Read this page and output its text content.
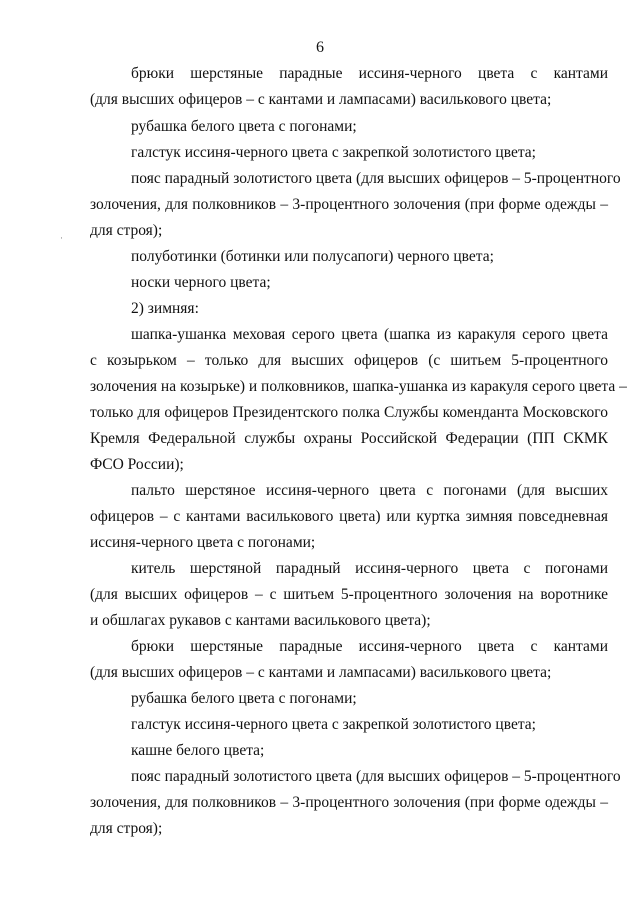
6
·
брюки шерстяные парадные иссиня-черного цвета с кантами
(для высших офицеров – с кантами и лампасами) василькового цвета;
рубашка белого цвета с погонами;
галстук иссиня-черного цвета с закрепкой золотистого цвета;
пояс парадный золотистого цвета (для высших офицеров – 5-процентного
золочения, для полковников – 3-процентного золочения (при форме одежды –
для строя);
полуботинки (ботинки или полусапоги) черного цвета;
носки черного цвета;
2) зимняя:
шапка-ушанка меховая серого цвета (шапка из каракуля серого цвета
с козырьком – только для высших офицеров (с шитьем 5-процентного
золочения на козырьке) и полковников, шапка-ушанка из каракуля серого цвета –
только для офицеров Президентского полка Службы коменданта Московского
Кремля Федеральной службы охраны Российской Федерации (ПП СКМК
ФСО России);
пальто шерстяное иссиня-черного цвета с погонами (для высших
офицеров – с кантами василькового цвета) или куртка зимняя повседневная
иссиня-черного цвета с погонами;
китель шерстяной парадный иссиня-черного цвета с погонами
(для высших офицеров – с шитьем 5-процентного золочения на воротнике
и обшлагах рукавов с кантами василькового цвета);
брюки шерстяные парадные иссиня-черного цвета с кантами
(для высших офицеров – с кантами и лампасами) василькового цвета;
рубашка белого цвета с погонами;
галстук иссиня-черного цвета с закрепкой золотистого цвета;
кашне белого цвета;
пояс парадный золотистого цвета (для высших офицеров – 5-процентного
золочения, для полковников – 3-процентного золочения (при форме одежды –
для строя);
